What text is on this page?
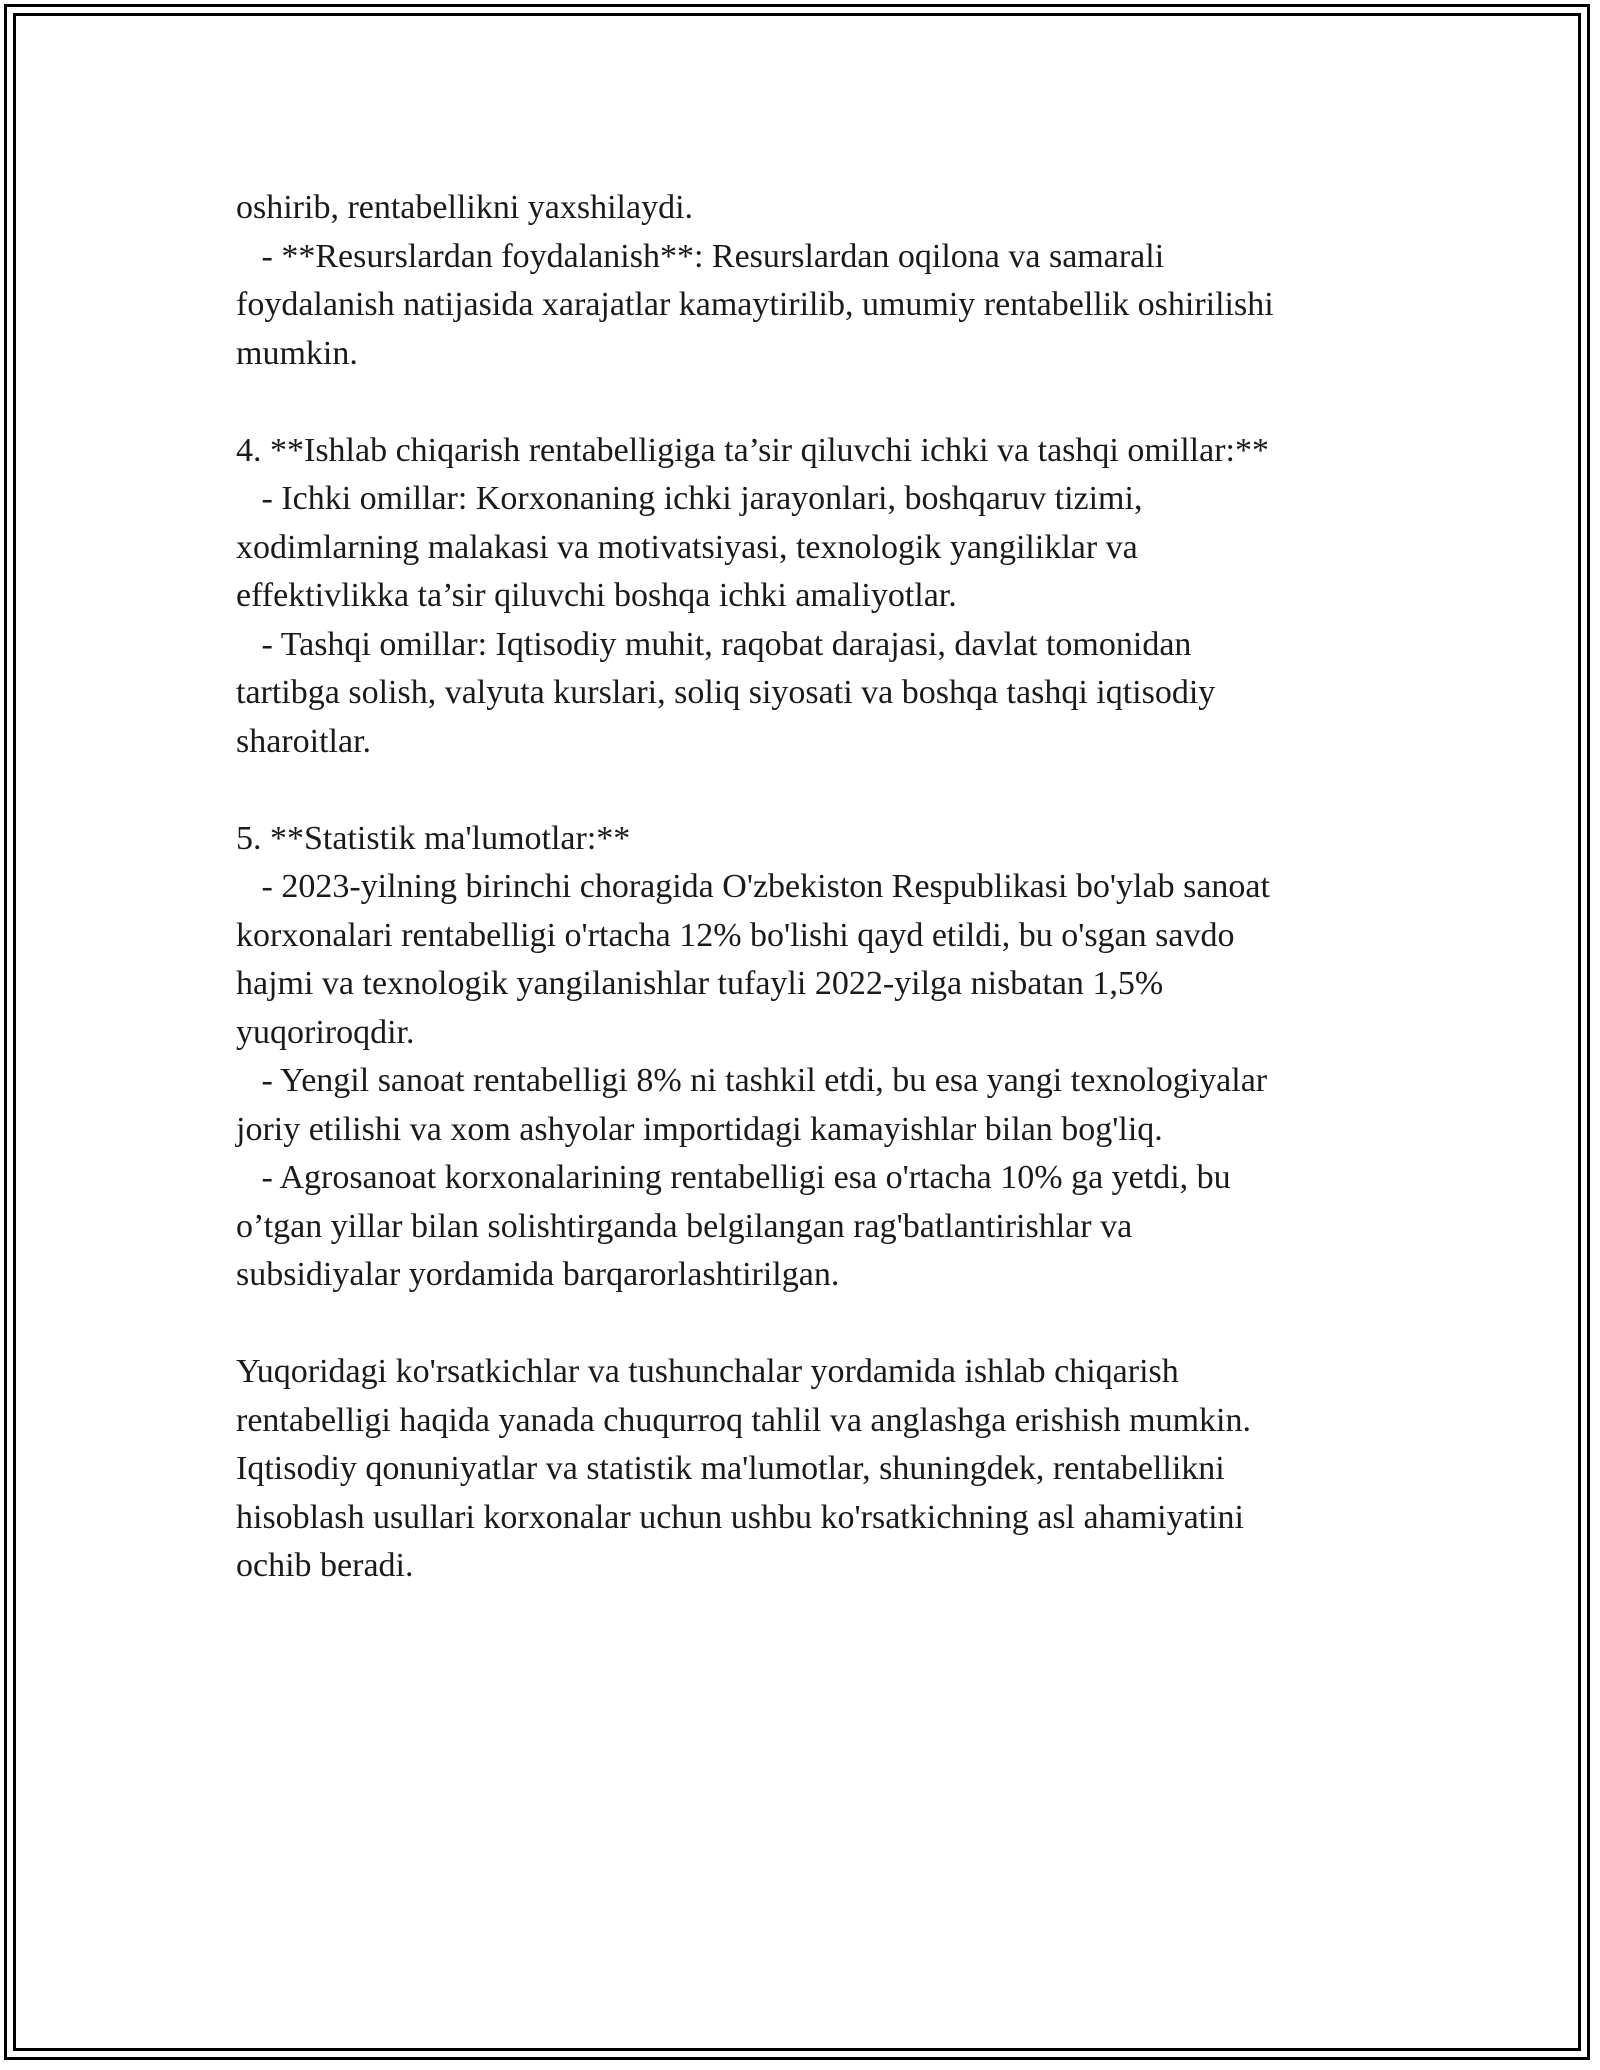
oshirib, rentabellikni yaxshilaydi.

- **Resurslardan foydalanish**: Resurslardan oqilona va samarali

foydalanish natijasida xarajatlar kamaytirilib, umumiy rentabellik oshirilishi

mumkin.

4. **Ishlab chiqarish rentabelligiga ta’sir qiluvchi ichki va tashqi omillar:**

- Ichki omillar: Korxonaning ichki jarayonlari, boshqaruv tizimi,

xodimlarning malakasi va motivatsiyasi, texnologik yangiliklar va

effektivlikka ta’sir qiluvchi boshqa ichki amaliyotlar.

- Tashqi omillar: Iqtisodiy muhit, raqobat darajasi, davlat tomonidan

tartibga solish, valyuta kurslari, soliq siyosati va boshqa tashqi iqtisodiy

sharoitlar.

5. **Statistik ma'lumotlar:**

- 2023-yilning birinchi choragida O'zbekiston Respublikasi bo'ylab sanoat

korxonalari rentabelligi o'rtacha 12% bo'lishi qayd etildi, bu o'sgan savdo

hajmi va texnologik yangilanishlar tufayli 2022-yilga nisbatan 1,5%

yuqoriroqdir.

- Yengil sanoat rentabelligi 8% ni tashkil etdi, bu esa yangi texnologiyalar

joriy etilishi va xom ashyolar importidagi kamayishlar bilan bog'liq.

- Agrosanoat korxonalarining rentabelligi esa o'rtacha 10% ga yetdi, bu

o’tgan yillar bilan solishtirganda belgilangan rag'batlantirishlar va

subsidiyalar yordamida barqarorlashtirilgan.

Yuqoridagi ko'rsatkichlar va tushunchalar yordamida ishlab chiqarish

rentabelligi haqida yanada chuqurroq tahlil va anglashga erishish mumkin.

Iqtisodiy qonuniyatlar va statistik ma'lumotlar, shuningdek, rentabellikni

hisoblash usullari korxonalar uchun ushbu ko'rsatkichning asl ahamiyatini

ochib beradi.
